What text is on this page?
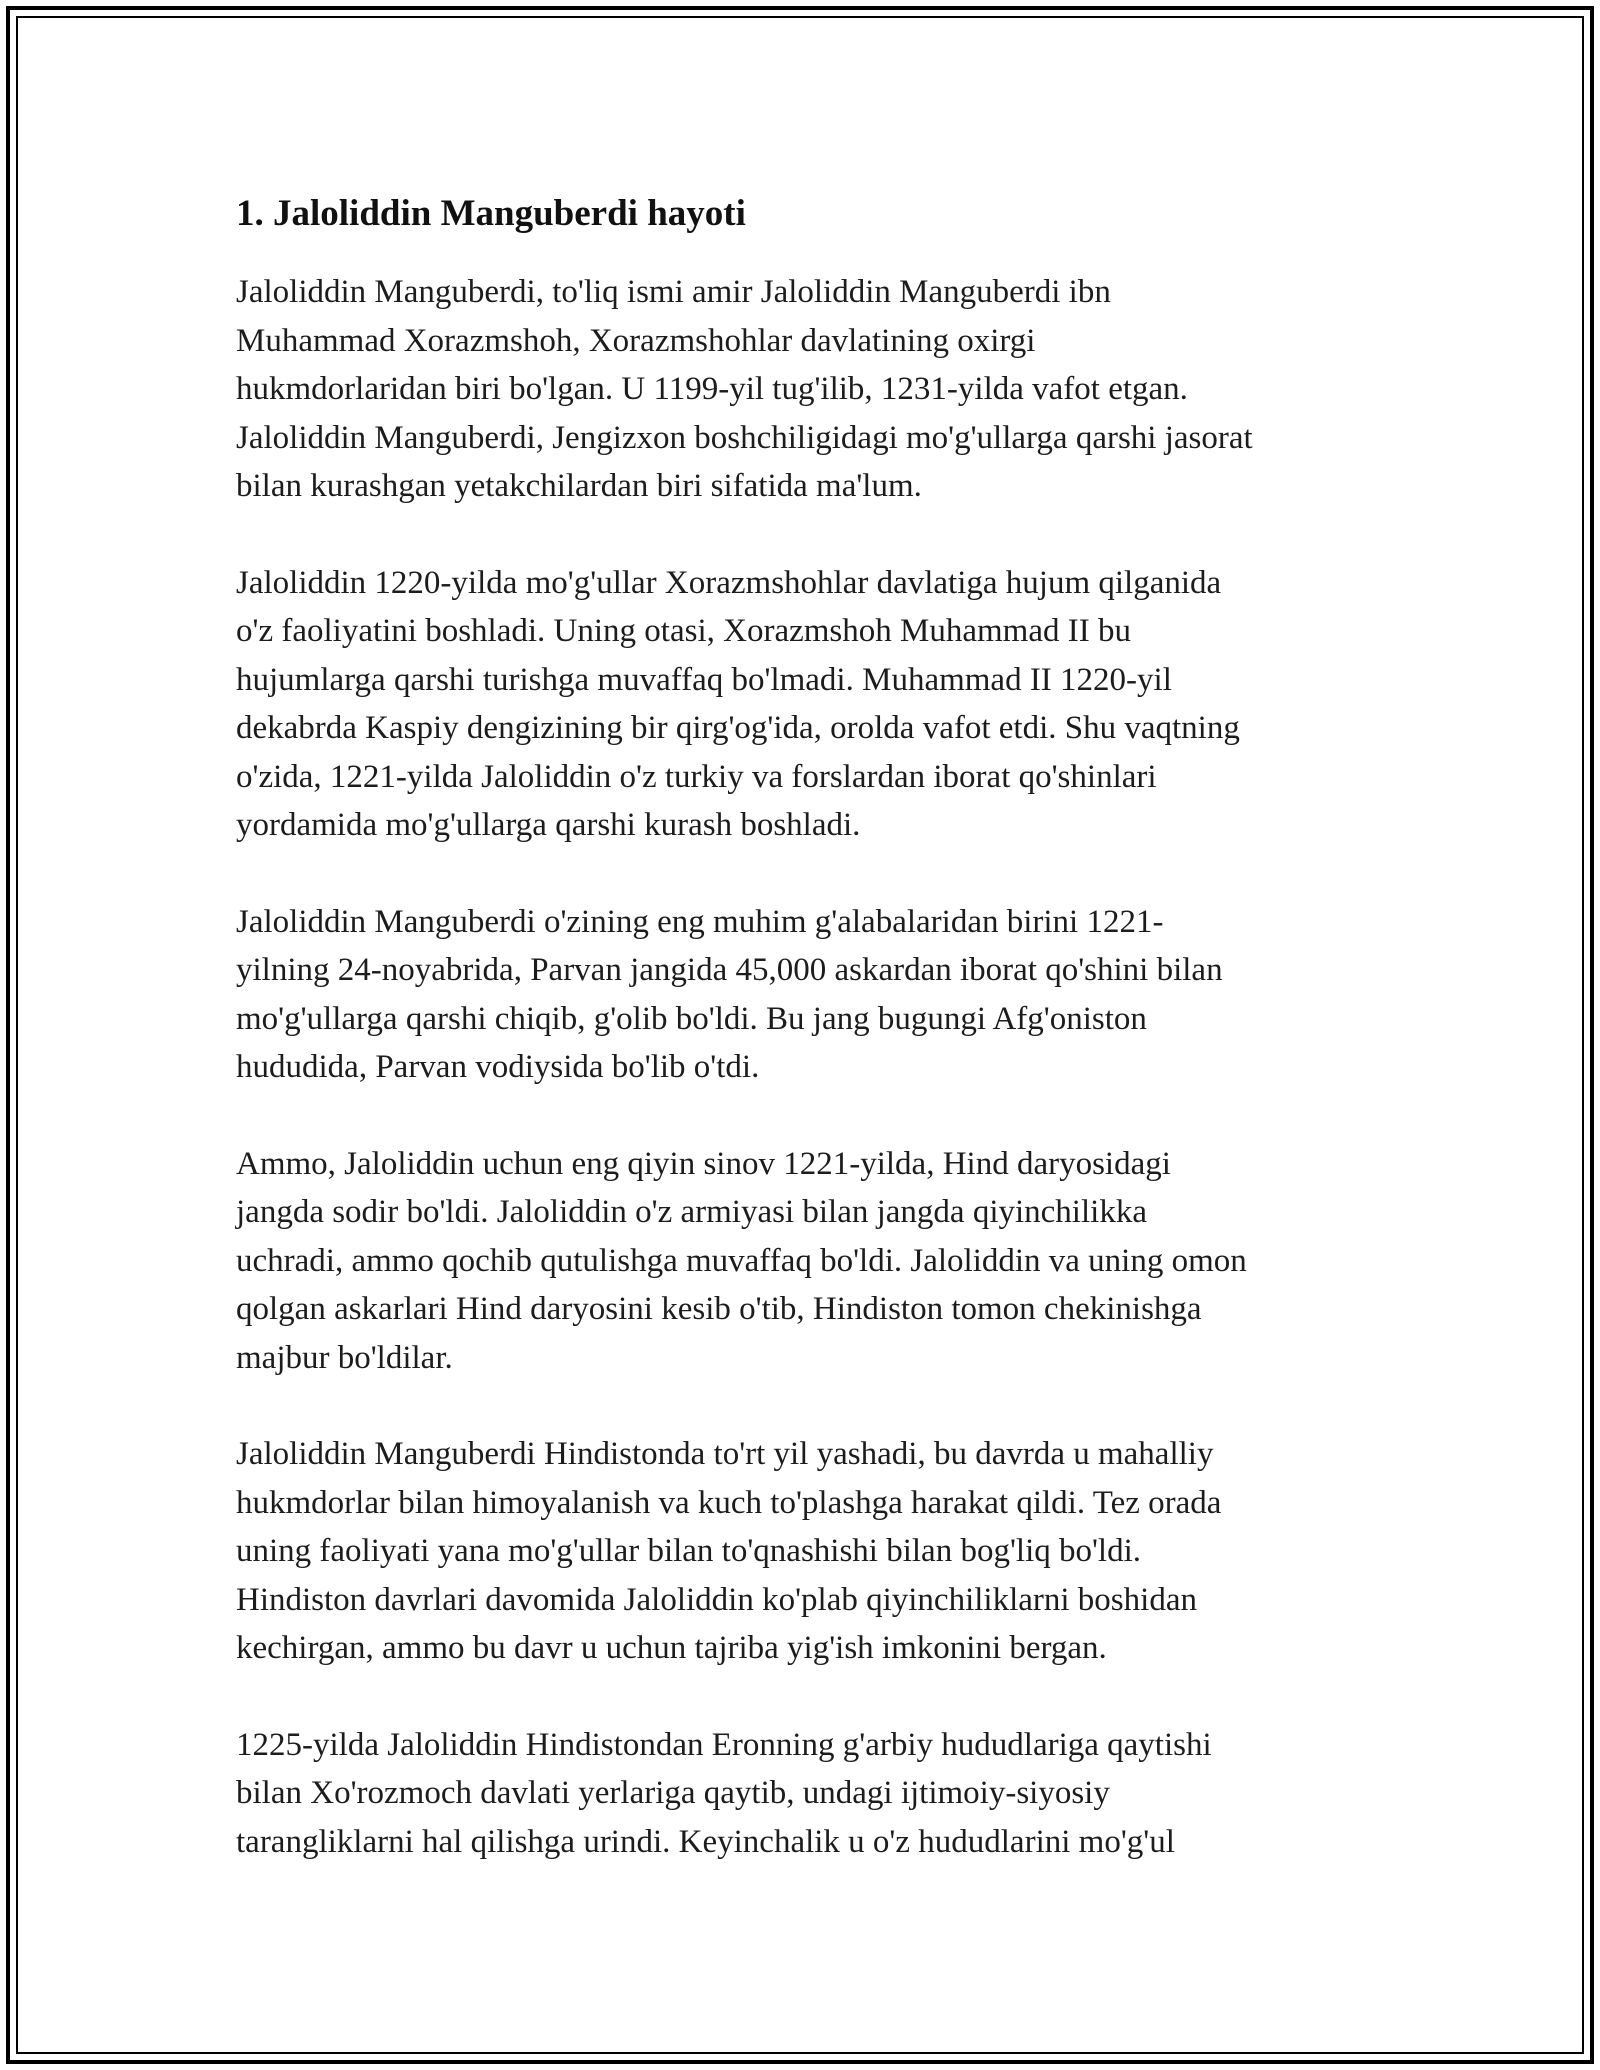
1. Jaloliddin Manguberdi hayoti

Jaloliddin Manguberdi, to'liq ismi amir Jaloliddin Manguberdi ibn
Muhammad Xorazmshoh, Xorazmshohlar davlatining oxirgi
hukmdorlaridan biri bo'lgan. U 1199-yil tug'ilib, 1231-yilda vafot etgan.
Jaloliddin Manguberdi, Jengizxon boshchiligidagi mo'g'ullarga qarshi jasorat
bilan kurashgan yetakchilardan biri sifatida ma'lum.

Jaloliddin 1220-yilda mo'g'ullar Xorazmshohlar davlatiga hujum qilganida
o'z faoliyatini boshladi. Uning otasi, Xorazmshoh Muhammad II bu
hujumlarga qarshi turishga muvaffaq bo'lmadi. Muhammad II 1220-yil
dekabrda Kaspiy dengizining bir qirg'og'ida, orolda vafot etdi. Shu vaqtning
o'zida, 1221-yilda Jaloliddin o'z turkiy va forslardan iborat qo'shinlari
yordamida mo'g'ullarga qarshi kurash boshladi.

Jaloliddin Manguberdi o'zining eng muhim g'alabalaridan birini 1221-
yilning 24-noyabrida, Parvan jangida 45,000 askardan iborat qo'shini bilan
mo'g'ullarga qarshi chiqib, g'olib bo'ldi. Bu jang bugungi Afg'oniston
hududida, Parvan vodiysida bo'lib o'tdi.

Ammo, Jaloliddin uchun eng qiyin sinov 1221-yilda, Hind daryosidagi
jangda sodir bo'ldi. Jaloliddin o'z armiyasi bilan jangda qiyinchilikka
uchradi, ammo qochib qutulishga muvaffaq bo'ldi. Jaloliddin va uning omon
qolgan askarlari Hind daryosini kesib o'tib, Hindiston tomon chekinishga
majbur bo'ldilar.

Jaloliddin Manguberdi Hindistonda to'rt yil yashadi, bu davrda u mahalliy
hukmdorlar bilan himoyalanish va kuch to'plashga harakat qildi. Tez orada
uning faoliyati yana mo'g'ullar bilan to'qnashishi bilan bog'liq bo'ldi.
Hindiston davrlari davomida Jaloliddin ko'plab qiyinchiliklarni boshidan
kechirgan, ammo bu davr u uchun tajriba yig'ish imkonini bergan.

1225-yilda Jaloliddin Hindistondan Eronning g'arbiy hududlariga qaytishi
bilan Xo'rozmoch davlati yerlariga qaytib, undagi ijtimoiy-siyosiy
tarangliklarni hal qilishga urindi. Keyinchalik u o'z hududlarini mo'g'ul
